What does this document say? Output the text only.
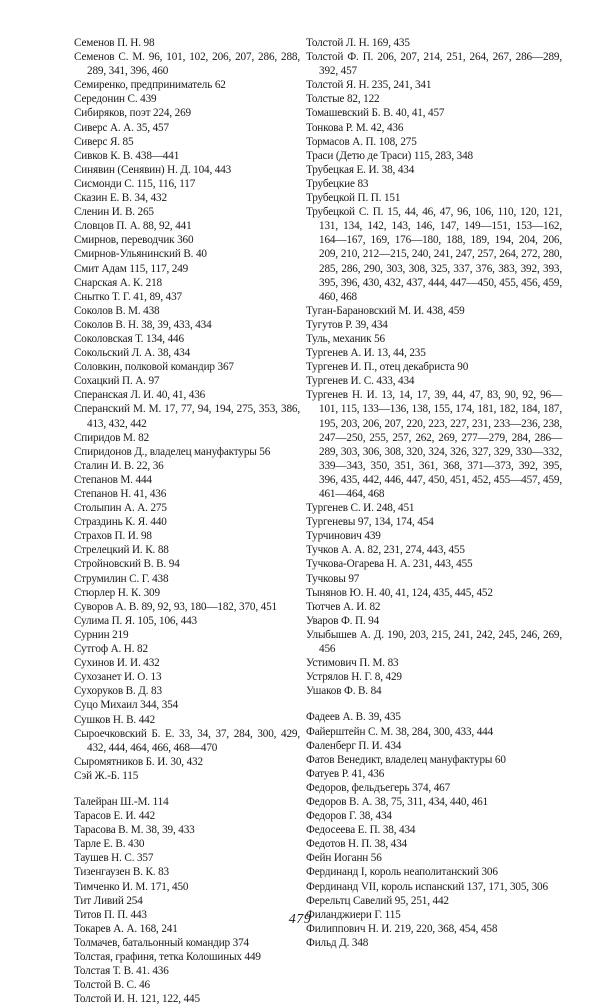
Семенов П. Н. 98
Семенов С. М. 96, 101, 102, 206, 207, 286, 288, 289, 341, 396, 460
Семиренко, предприниматель 62
Середонин С. 439
Сибиряков, поэт 224, 269
Сиверс А. А. 35, 457
Сиверс Я. 85
Сивков К. В. 438—441
Синявин (Сенявин) Н. Д. 104, 443
Сисмонди С. 115, 116, 117
Сказин Е. В. 34, 432
Сленин И. В. 265
Словцов П. А. 88, 92, 441
Смирнов, переводчик 360
Смирнов-Ульянинский В. 40
Смит Адам 115, 117, 249
Снарская А. К. 218
Снытко Т. Г. 41, 89, 437
Соколов В. М. 438
Соколов В. Н. 38, 39, 433, 434
Соколовская Т. 134, 446
Сокольский Л. А. 38, 434
Соловкин, полковой командир 367
Сохацкий П. А. 97
Сперанская Л. И. 40, 41, 436
Сперанский М. М. 17, 77, 94, 194, 275, 353, 386, 413, 432, 442
Спиридов М. 82
Спиридонов Д., владелец мануфактуры 56
Сталин И. В. 22, 36
Степанов М. 444
Степанов Н. 41, 436
Столыпин А. А. 275
Страздинь К. Я. 440
Страхов П. И. 98
Стрелецкий И. К. 88
Стройновский В. В. 94
Струмилин С. Г. 438
Стюрлер Н. К. 309
Суворов А. В. 89, 92, 93, 180—182, 370, 451
Сулима П. Я. 105, 106, 443
Сурнин 219
Сутгоф А. Н. 82
Сухинов И. И. 432
Сухозанет И. О. 13
Сухоруков В. Д. 83
Суцо Михаил 344, 354
Сушков Н. В. 442
Сыроечковский Б. Е. 33, 34, 37, 284, 300, 429, 432, 444, 464, 466, 468—470
Сыромятников Б. И. 30, 432
Сэй Ж.-Б. 115
Талейран Ш.-М. 114
Тарасов Е. И. 442
Тарасова В. М. 38, 39, 433
Тарле Е. В. 430
Таушев Н. С. 357
Тизенгаузен В. К. 83
Тимченко И. М. 171, 450
Тит Ливий 254
Титов П. П. 443
Токарев А. А. 168, 241
Толмачев, батальонный командир 374
Толстая, графиня, тетка Колошиных 449
Толстая Т. В. 41. 436
Толстой В. С. 46
Толстой И. Н. 121, 122, 445
Толстой Л. Н. 169, 435
Толстой Ф. П. 206, 207, 214, 251, 264, 267, 286—289, 392, 457
Толстой Я. Н. 235, 241, 341
Толстые 82, 122
Томашевский Б. В. 40, 41, 457
Тонкова Р. М. 42, 436
Тормасов А. П. 108, 275
Траси (Детю де Траси) 115, 283, 348
Трубецкая Е. И. 38, 434
Трубецкие 83
Трубецкой П. П. 151
Трубецкой С. П. 15, 44, 46, 47, 96, 106, 110, 120, 121, 131, 134, 142, 143, 146, 147, 149—151, 153—162, 164—167, 169, 176—180, 188, 189, 194, 204, 206, 209, 210, 212—215, 240, 241, 247, 257, 264, 272, 280, 285, 286, 290, 303, 308, 325, 337, 376, 383, 392, 393, 395, 396, 430, 432, 437, 444, 447—450, 455, 456, 459, 460, 468
Туган-Барановский М. И. 438, 459
Тугутов Р. 39, 434
Туль, механик 56
Тургенев А. И. 13, 44, 235
Тургенев И. П., отец декабриста 90
Тургенев И. С. 433, 434
Тургенев Н. И. 13, 14, 17, 39, 44, 47, 83, 90, 92, 96—101, 115, 133—136, 138, 155, 174, 181, 182, 184, 187, 195, 203, 206, 207, 220, 223, 227, 231, 233—236, 238, 247—250, 255, 257, 262, 269, 277—279, 284, 286—289, 303, 306, 308, 320, 324, 326, 327, 329, 330—332, 339—343, 350, 351, 361, 368, 371—373, 392, 395, 396, 435, 442, 446, 447, 450, 451, 452, 455—457, 459, 461—464, 468
Тургенев С. И. 248, 451
Тургеневы 97, 134, 174, 454
Турчинович 439
Тучков А. А. 82, 231, 274, 443, 455
Тучкова-Огарева Н. А. 231, 443, 455
Тучковы 97
Тынянов Ю. Н. 40, 41, 124, 435, 445, 452
Тютчев А. И. 82
Уваров Ф. П. 94
Улыбышев А. Д. 190, 203, 215, 241, 242, 245, 246, 269, 456
Устимович П. М. 83
Устрялов Н. Г. 8, 429
Ушаков Ф. В. 84
Фадеев А. В. 39, 435
Файерштейн С. М. 38, 284, 300, 433, 444
Фаленберг П. И. 434
Фатов Венедикт, владелец мануфактуры 60
Фатуев Р. 41, 436
Федоров, фельдъегерь 374, 467
Федоров В. А. 38, 75, 311, 434, 440, 461
Федоров Г. 38, 434
Федосеева Е. П. 38, 434
Федотов Н. П. 38, 434
Фейн Иоганн 56
Фердинанд I, король неаполитанский 306
Фердинанд VII, король испанский 137, 171, 305, 306
Ферельтц Савелий 95, 251, 442
Филанджиери Г. 115
Филиппович Н. И. 219, 220, 368, 454, 458
Фильд Д. 348
479
